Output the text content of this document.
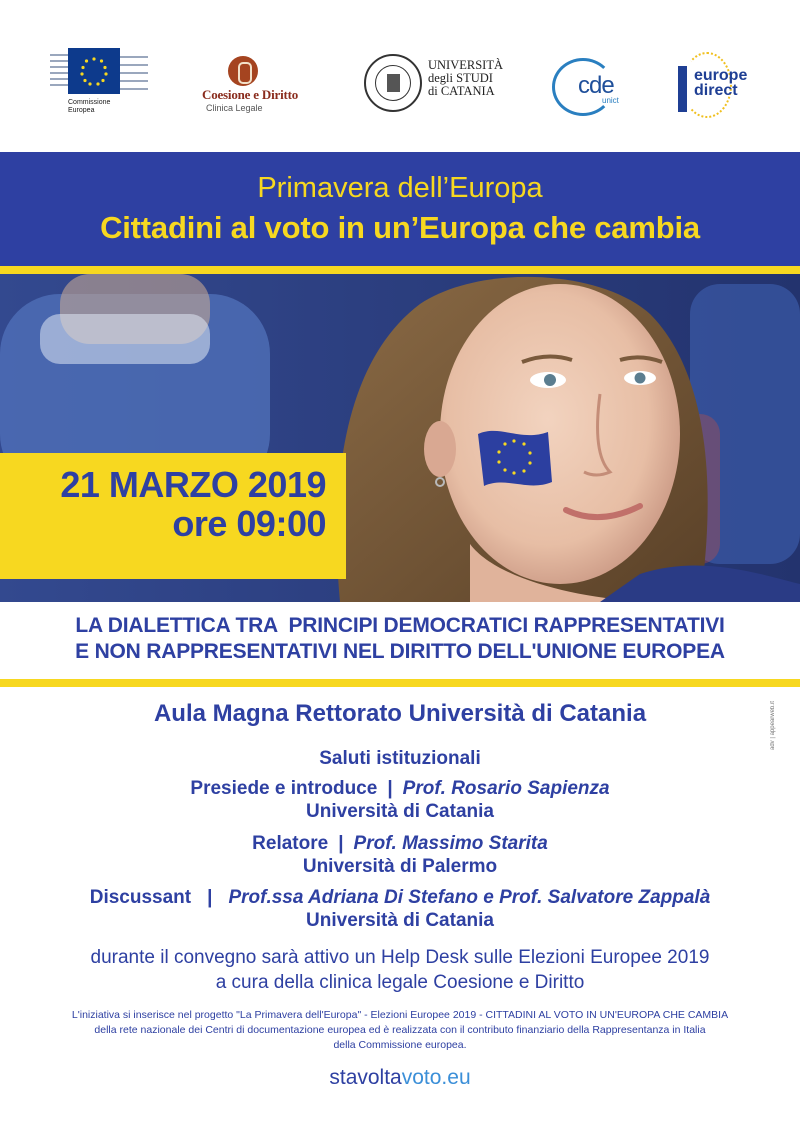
Commissione
Europea
Coesione e Diritto
Clinica Legale
UNIVERSITÀ
degli STUDI
di CATANIA	cde
unict
europe
direct
Primavera dell’Europa
Cittadini al voto in un’Europa che cambia
21 MARZO 2019
ore 09:00
LA DIALETTICA TRA  PRINCIPI DEMOCRATICI RAPPRESENTATIVI
E NON RAPPRESENTATIVI NEL DIRITTO DELL'UNIONE EUROPEA
Aula Magna Rettorato Università di Catania
Saluti istituzionali
Presiede e introduce | Prof. Rosario Sapienza
Università di Catania
Relatore | Prof. Massimo Starita
Università di Palermo
Discussant | Prof.ssa Adriana Di Stefano e Prof. Salvatore Zappalà
Università di Catania
durante il convegno sarà attivo un Help Desk sulle Elezioni Europee 2019
a cura della clinica legale Coesione e Diritto
L'iniziativa si inserisce nel progetto "La Primavera dell'Europa" - Elezioni Europee 2019 - CITTADINI AL VOTO IN UN'EUROPA CHE CAMBIA
della rete nazionale dei Centri di documentazione europea ed è realizzata con il contributo finanziario della Rappresentanza in Italia
della Commissione europea.
stavoltavoto.eu
adv | appearweb.it
